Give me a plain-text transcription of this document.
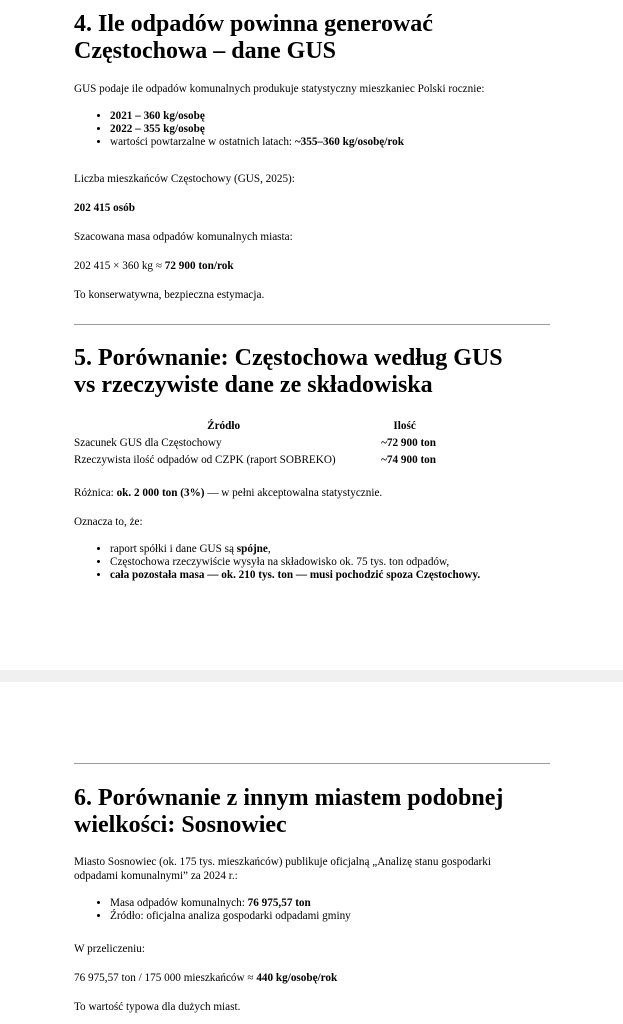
4. Ile odpadów powinna generować
Częstochowa – dane GUS

GUS podaje ile odpadów komunalnych produkuje statystyczny mieszkaniec Polski rocznie:

• 2021 – 360 kg/osobę
• 2022 – 355 kg/osobę
• wartości powtarzalne w ostatnich latach: ~355–360 kg/osobę/rok

Liczba mieszkańców Częstochowy (GUS, 2025):

202 415 osób

Szacowana masa odpadów komunalnych miasta:

202 415 × 360 kg ≈ 72 900 ton/rok

To konserwatywna, bezpieczna estymacja.

5. Porównanie: Częstochowa według GUS
vs rzeczywiste dane ze składowiska
Źródło	Ilość
Szacunek GUS dla Częstochowy	~72 900 ton
Rzeczywista ilość odpadów od CZPK (raport SOBREKO)	~74 900 ton

Różnica: ok. 2 000 ton (3%) — w pełni akceptowalna statystycznie.

Oznacza to, że:

• raport spółki i dane GUS są spójne,
• Częstochowa rzeczywiście wysyła na składowisko ok. 75 tys. ton odpadów,
• cała pozostała masa — ok. 210 tys. ton — musi pochodzić spoza Częstochowy.
6. Porównanie z innym miastem podobnej
wielkości: Sosnowiec

Miasto Sosnowiec (ok. 175 tys. mieszkańców) publikuje oficjalną „Analizę stanu gospodarki
odpadami komunalnymi” za 2024 r.:

• Masa odpadów komunalnych: 76 975,57 ton
• Źródło: oficjalna analiza gospodarki odpadami gminy

W przeliczeniu:

76 975,57 ton / 175 000 mieszkańców ≈ 440 kg/osobę/rok

To wartość typowa dla dużych miast.
